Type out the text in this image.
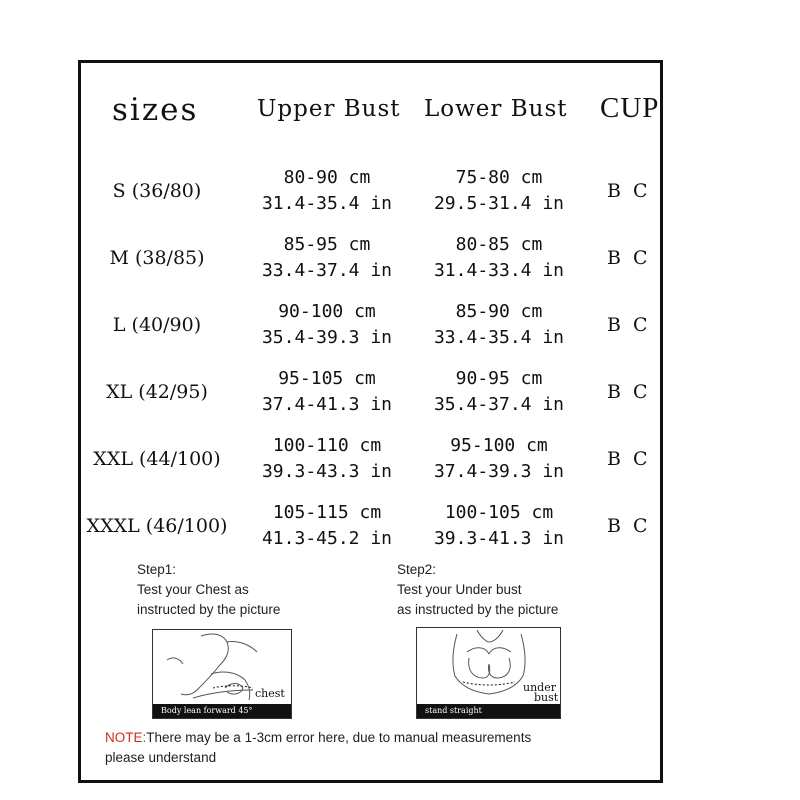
sizes	Upper Bust Lower Bust CUP
S (36/80)
80-90 cm
31.4-35.4 in
75-80 cm
29.5-31.4 in
B C
M (38/85)
85-95 cm
33.4-37.4 in
80-85 cm
31.4-33.4 in
B C
L (40/90)
90-100 cm
35.4-39.3 in
85-90 cm
33.4-35.4 in
B C
XL (42/95)
95-105 cm
37.4-41.3 in
90-95 cm
35.4-37.4 in
B C
XXL (44/100)
100-110 cm
39.3-43.3 in
95-100 cm
37.4-39.3 in
B C
XXXL (46/100)
105-115 cm
41.3-45.2 in
100-105 cm
39.3-41.3 in
B C
Step1:
Test your Chest as
instructed by the picture
Step2:
Test your Under bust
as instructed by the picture
chest
Body lean forward 45°
under
bust
stand straight
NOTE:There may be a 1-3cm error here, due to manual measurements
please understand
